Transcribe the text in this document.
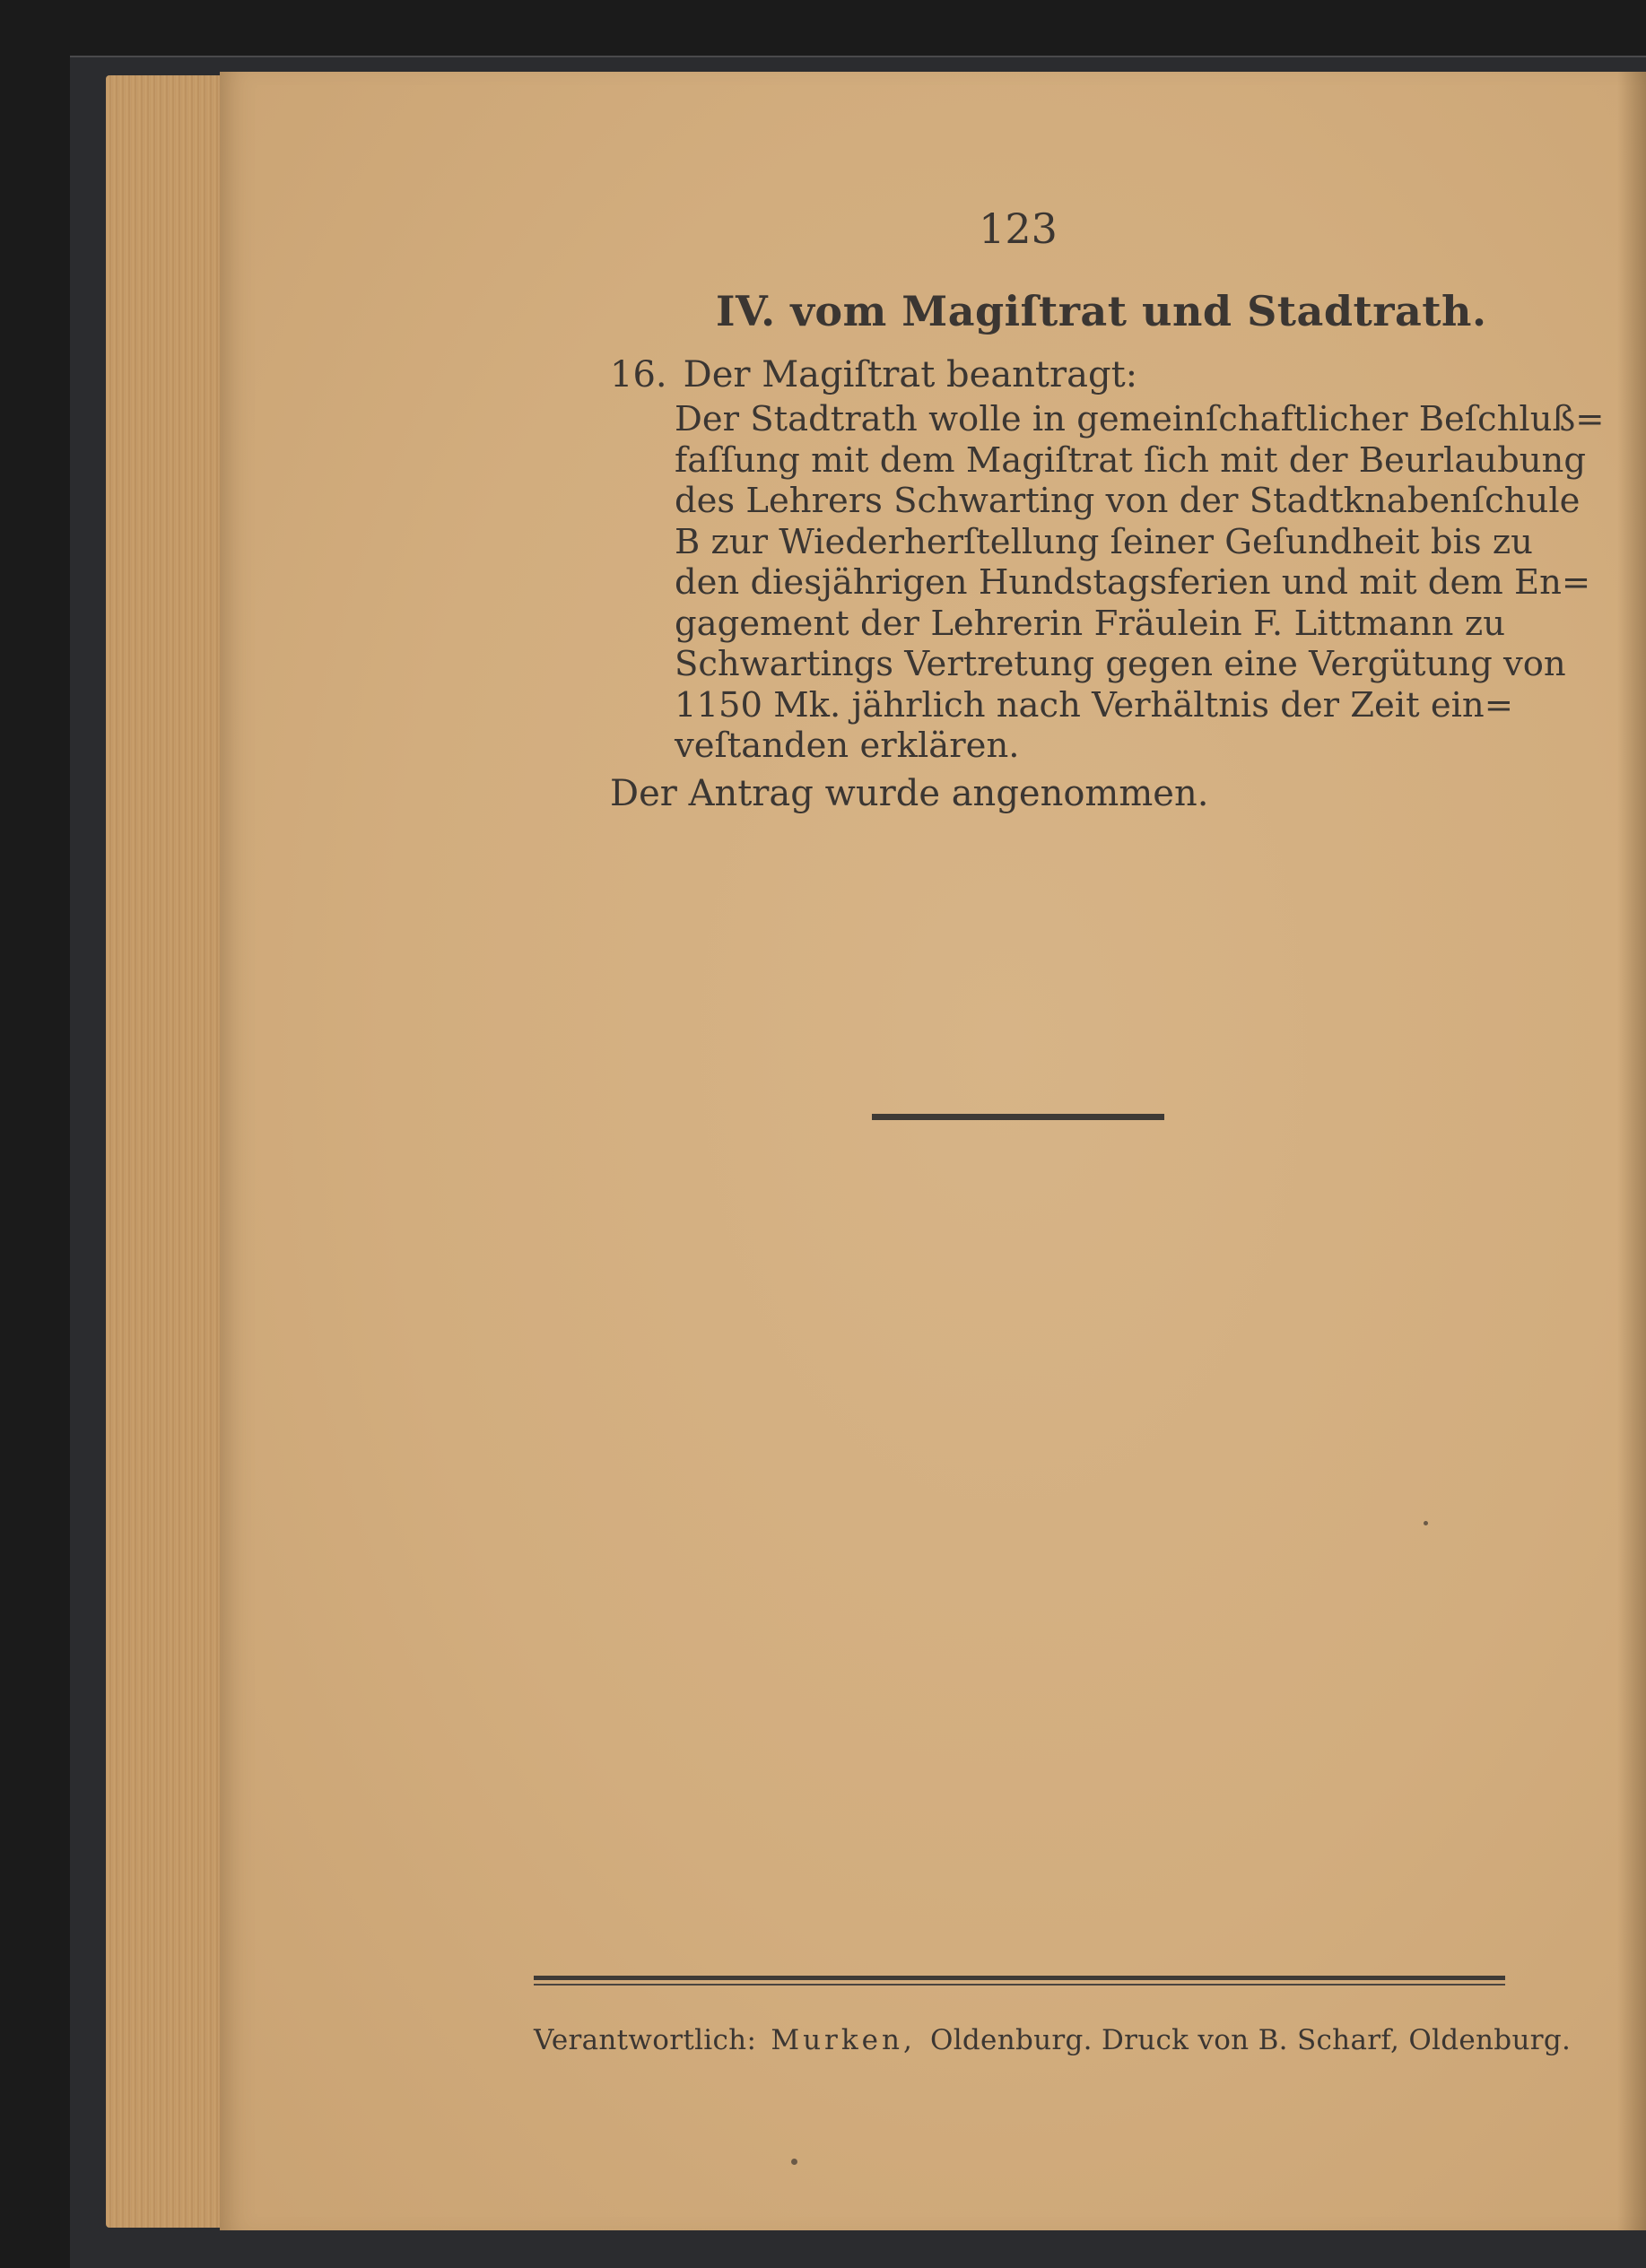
123
IV. vom Magiſtrat und Stadtrath.
16. Der Magiſtrat beantragt:
Der Stadtrath wolle in gemeinſchaftlicher Beſchluß=
faſſung mit dem Magiſtrat ſich mit der Beurlaubung
des Lehrers Schwarting von der Stadtknabenſchule
B zur Wiederherſtellung ſeiner Geſundheit bis zu
den diesjährigen Hundstagsferien und mit dem En=
gagement der Lehrerin Fräulein F. Littmann zu
Schwartings Vertretung gegen eine Vergütung von
1150 Mk. jährlich nach Verhältnis der Zeit ein=
veſtanden erklären.
Der Antrag wurde angenommen.
Verantwortlich: Murken, Oldenburg. Druck von B. Scharf, Oldenburg.
